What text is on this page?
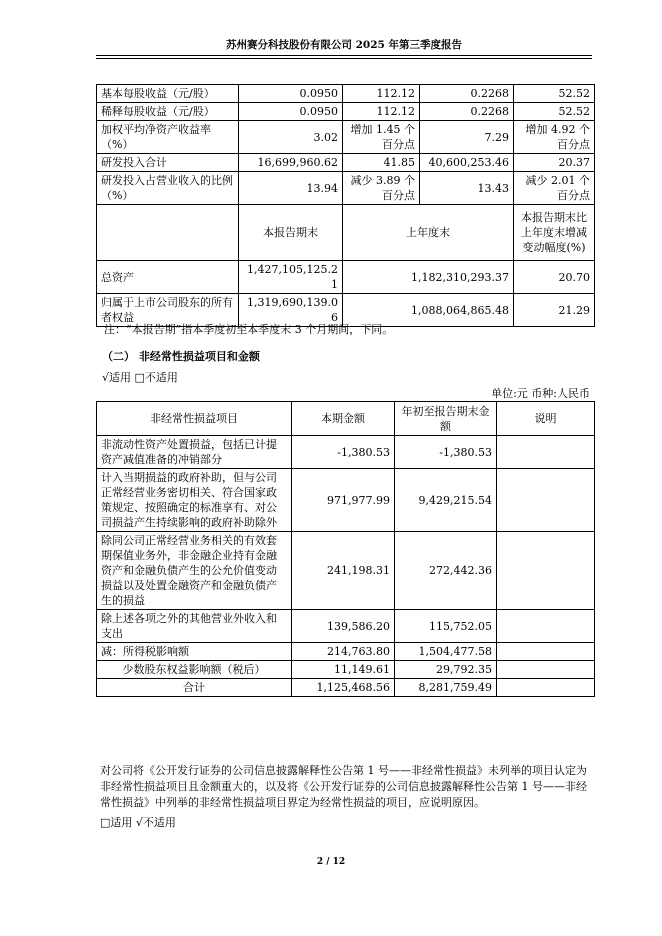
苏州赛分科技股份有限公司 2025 年第三季度报告
基本每股收益（元/股）	0.0950	112.12	0.2268	52.52
稀释每股收益（元/股）	0.0950	112.12	0.2268	52.52
加权平均净资产收益率（%）	3.02	增加 1.45 个百分点	7.29	增加 4.92 个百分点
研发投入合计	16,699,960.62	41.85	40,600,253.46	20.37
研发投入占营业收入的比例（%）	13.94	减少 3.89 个百分点	13.43	减少 2.01 个百分点
	本报告期末	上年度末		本报告期末比上年度末增减变动幅度(%)
总资产	1,427,105,125.21	1,182,310,293.37		20.70
归属于上市公司股东的所有者权益	1,319,690,139.06	1,088,064,865.48		21.29
注：“本报告期”指本季度初至本季度末 3 个月期间，下同。
（二） 非经常性损益项目和金额
√适用 □不适用
单位:元 币种:人民币
非经常性损益项目	本期金额	年初至报告期末金额	说明
非流动性资产处置损益，包括已计提资产减值准备的冲销部分	-1,380.53	-1,380.53	
计入当期损益的政府补助，但与公司正常经营业务密切相关、符合国家政策规定、按照确定的标准享有、对公司损益产生持续影响的政府补助除外	971,977.99	9,429,215.54	
除同公司正常经营业务相关的有效套期保值业务外，非金融企业持有金融资产和金融负债产生的公允价值变动损益以及处置金融资产和金融负债产生的损益	241,198.31	272,442.36	
除上述各项之外的其他营业外收入和支出	139,586.20	115,752.05	
减：所得税影响额	214,763.80	1,504,477.58	
少数股东权益影响额（税后）	11,149.61	29,792.35	
合计	1,125,468.56	8,281,759.49	
对公司将《公开发行证券的公司信息披露解释性公告第 1 号——非经常性损益》未列举的项目认定为非经常性损益项目且金额重大的，以及将《公开发行证券的公司信息披露解释性公告第 1 号——非经常性损益》中列举的非经常性损益项目界定为经常性损益的项目，应说明原因。
□适用 √不适用
2 / 12
